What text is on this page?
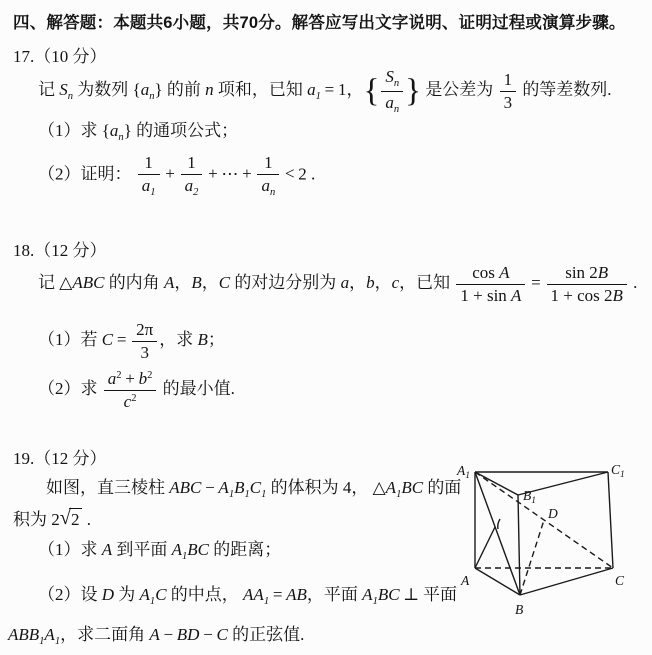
四、解答题：本题共6小题，共70分。解答应写出文字说明、证明过程或演算步骤。
17.（10 分）
记 $S_n$ 为数列 $\{a_n\}$ 的前 n 项和，已知 $a_1 = 1$，{ $\frac{S_n}{a_n}$ } 是公差为 $\frac{1}{3}$ 的等差数列.
（1）求 $\{a_n\}$ 的通项公式；
（2）证明： $\frac{1}{a_1} + \frac{1}{a_2}$ + ⋯ + $\frac{1}{a_n} < 2$ .
18.（12 分）
记 △ABC 的内角 A，B，C 的对边分别为 a，b，c，已知 $\frac{\text{cos A}}{\text{1 + sin A}} = \frac{\sin 2B}{1 + \cos 2B}$ .
（1）若 $C = \frac{2\pi}{3}$ ，求 B；
（2）求 $\frac{a^2 + b^2}{c^2}$ 的最小值.
19.（12 分）
如图，直三棱柱 ABC − $A_1B_1C_1$ 的体积为 4， $\triangle A_1BC$ 的面
积为 2√2 .
（1）求 A 到平面 $A_1BC$ 的距离；
（2）设 D 为 $A_1C$ 的中点， $AA_1$ = AB，平面 $A_1BC$ ⊥ 平面
$ABB_1A_1$，求二面角 A − BD − C 的正弦值.
$A_1$	$C_1$
$B_1$
D
A
B
C
